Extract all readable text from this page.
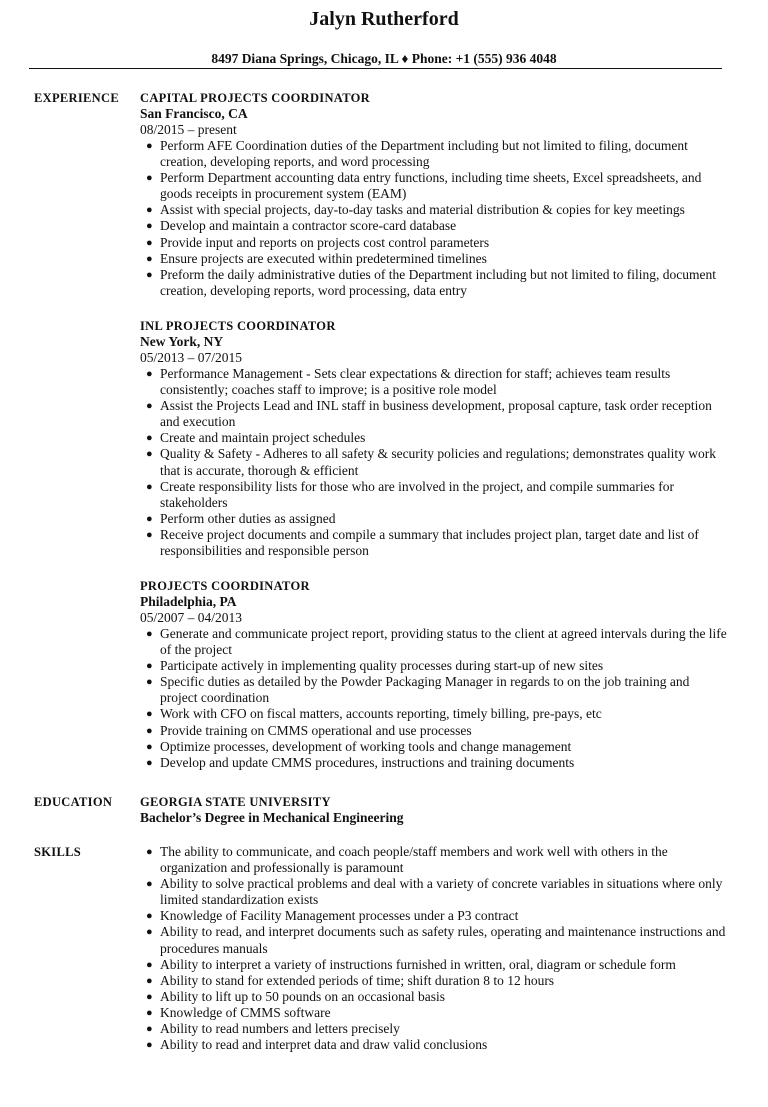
Jalyn Rutherford
8497 Diana Springs, Chicago, IL ♦ Phone: +1 (555) 936 4048
EXPERIENCE
EDUCATION
SKILLS
CAPITAL PROJECTS COORDINATOR
San Francisco, CA
08/2015 – present
● Perform AFE Coordination duties of the Department including but not limited to filing, document creation, developing reports, and word processing
● Perform Department accounting data entry functions, including time sheets, Excel spreadsheets, and goods receipts in procurement system (EAM)
● Assist with special projects, day-to-day tasks and material distribution & copies for key meetings
● Develop and maintain a contractor score-card database
● Provide input and reports on projects cost control parameters
● Ensure projects are executed within predetermined timelines
● Preform the daily administrative duties of the Department including but not limited to filing, document creation, developing reports, word processing, data entry
INL PROJECTS COORDINATOR
New York, NY
05/2013 – 07/2015
● Performance Management - Sets clear expectations & direction for staff; achieves team results consistently; coaches staff to improve; is a positive role model
● Assist the Projects Lead and INL staff in business development, proposal capture, task order reception and execution
● Create and maintain project schedules
● Quality & Safety - Adheres to all safety & security policies and regulations; demonstrates quality work that is accurate, thorough & efficient
● Create responsibility lists for those who are involved in the project, and compile summaries for stakeholders
● Perform other duties as assigned
● Receive project documents and compile a summary that includes project plan, target date and list of responsibilities and responsible person
PROJECTS COORDINATOR
Philadelphia, PA
05/2007 – 04/2013
● Generate and communicate project report, providing status to the client at agreed intervals during the life of the project
● Participate actively in implementing quality processes during start-up of new sites
● Specific duties as detailed by the Powder Packaging Manager in regards to on the job training and project coordination
● Work with CFO on fiscal matters, accounts reporting, timely billing, pre-pays, etc
● Provide training on CMMS operational and use processes
● Optimize processes, development of working tools and change management
● Develop and update CMMS procedures, instructions and training documents
GEORGIA STATE UNIVERSITY
Bachelor’s Degree in Mechanical Engineering
● The ability to communicate, and coach people/staff members and work well with others in the organization and professionally is paramount
● Ability to solve practical problems and deal with a variety of concrete variables in situations where only limited standardization exists
● Knowledge of Facility Management processes under a P3 contract
● Ability to read, and interpret documents such as safety rules, operating and maintenance instructions and procedures manuals
● Ability to interpret a variety of instructions furnished in written, oral, diagram or schedule form
● Ability to stand for extended periods of time; shift duration 8 to 12 hours
● Ability to lift up to 50 pounds on an occasional basis
● Knowledge of CMMS software
● Ability to read numbers and letters precisely
● Ability to read and interpret data and draw valid conclusions
